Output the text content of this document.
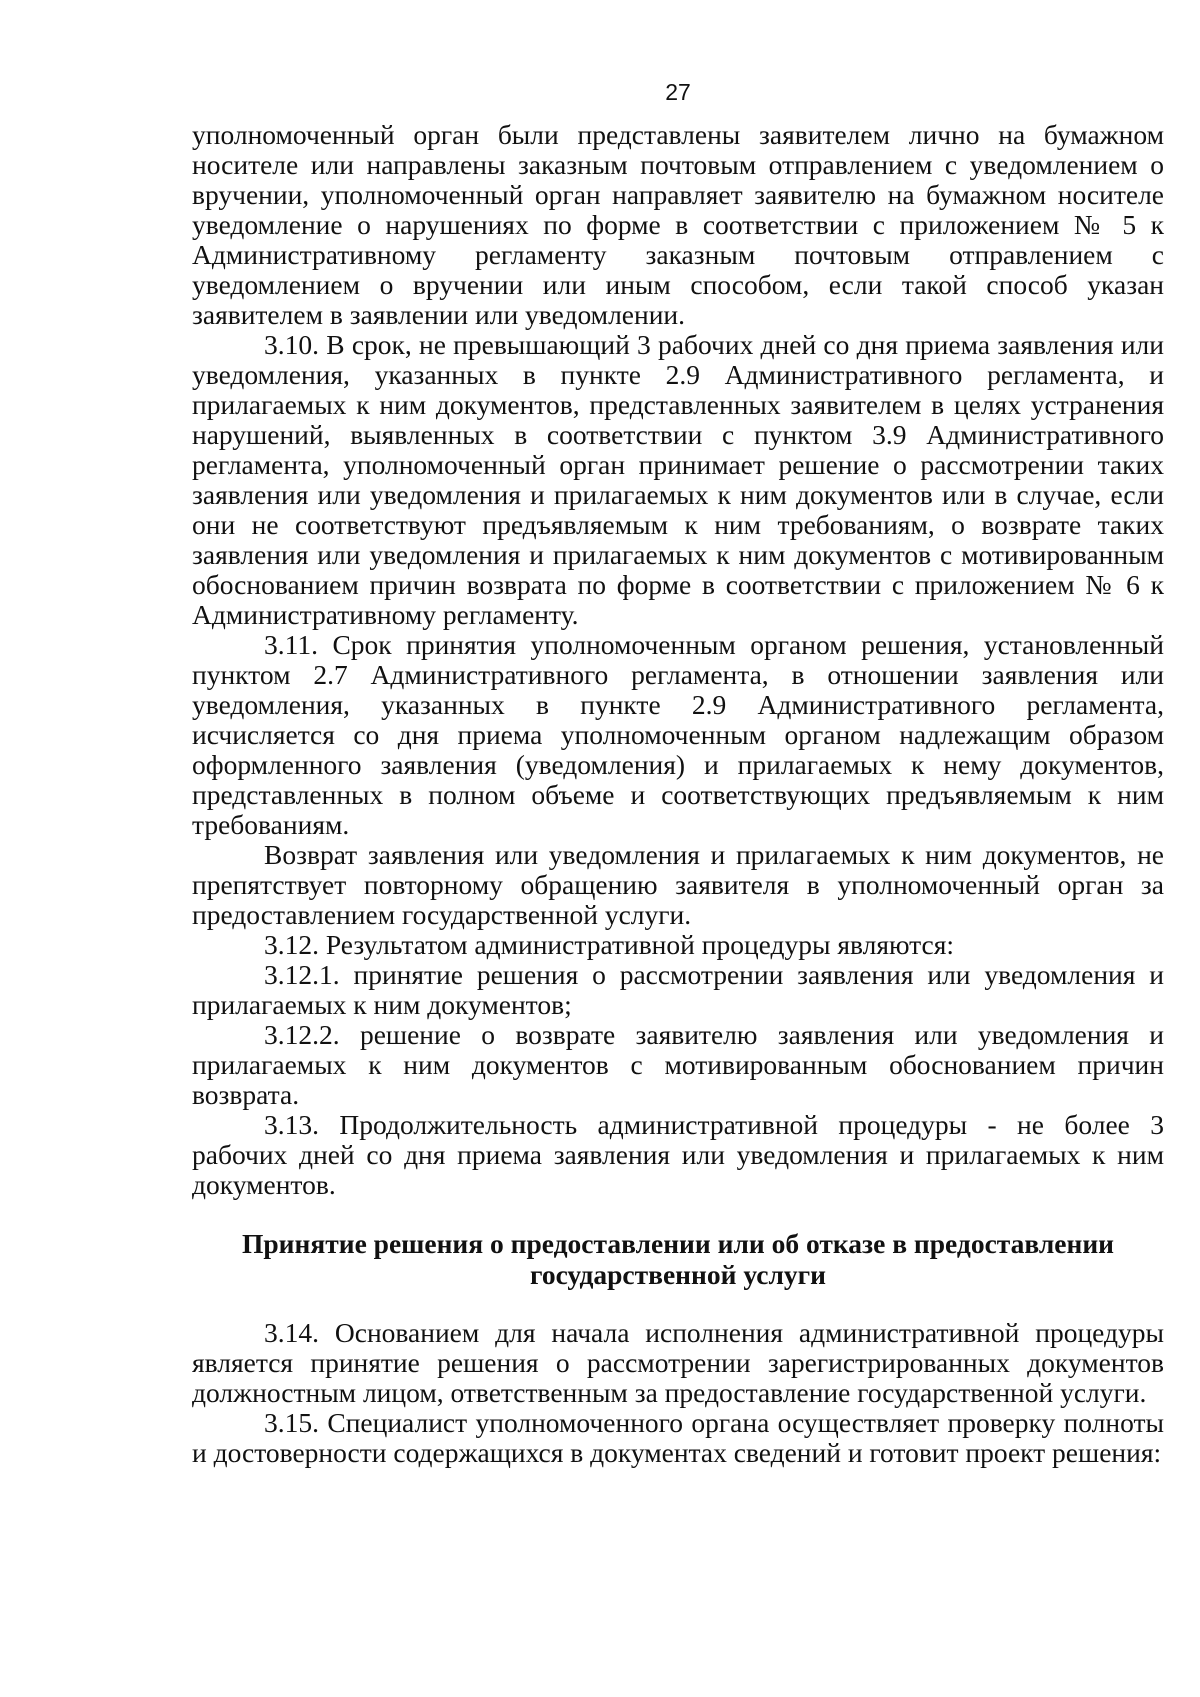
27

уполномоченный орган были представлены заявителем лично на бумажном носителе или направлены заказным почтовым отправлением с уведомлением о вручении, уполномоченный орган направляет заявителю на бумажном носителе уведомление о нарушениях по форме в соответствии с приложением № 5 к Административному регламенту заказным почтовым отправлением с уведомлением о вручении или иным способом, если такой способ указан заявителем в заявлении или уведомлении.

3.10. В срок, не превышающий 3 рабочих дней со дня приема заявления или уведомления, указанных в пункте 2.9 Административного регламента, и прилагаемых к ним документов, представленных заявителем в целях устранения нарушений, выявленных в соответствии с пунктом 3.9 Административного регламента, уполномоченный орган принимает решение о рассмотрении таких заявления или уведомления и прилагаемых к ним документов или в случае, если они не соответствуют предъявляемым к ним требованиям, о возврате таких заявления или уведомления и прилагаемых к ним документов с мотивированным обоснованием причин возврата по форме в соответствии с приложением № 6 к Административному регламенту.

3.11. Срок принятия уполномоченным органом решения, установленный пунктом 2.7 Административного регламента, в отношении заявления или уведомления, указанных в пункте 2.9 Административного регламента, исчисляется со дня приема уполномоченным органом надлежащим образом оформленного заявления (уведомления) и прилагаемых к нему документов, представленных в полном объеме и соответствующих предъявляемым к ним требованиям.

Возврат заявления или уведомления и прилагаемых к ним документов, не препятствует повторному обращению заявителя в уполномоченный орган за предоставлением государственной услуги.

3.12. Результатом административной процедуры являются:

3.12.1. принятие решения о рассмотрении заявления или уведомления и прилагаемых к ним документов;

3.12.2. решение о возврате заявителю заявления или уведомления и прилагаемых к ним документов с мотивированным обоснованием причин возврата.

3.13. Продолжительность административной процедуры - не более 3 рабочих дней со дня приема заявления или уведомления и прилагаемых к ним документов.

Принятие решения о предоставлении или об отказе в предоставлении государственной услуги

3.14. Основанием для начала исполнения административной процедуры является принятие решения о рассмотрении зарегистрированных документов должностным лицом, ответственным за предоставление государственной услуги.

3.15. Специалист уполномоченного органа осуществляет проверку полноты и достоверности содержащихся в документах сведений и готовит проект решения:
